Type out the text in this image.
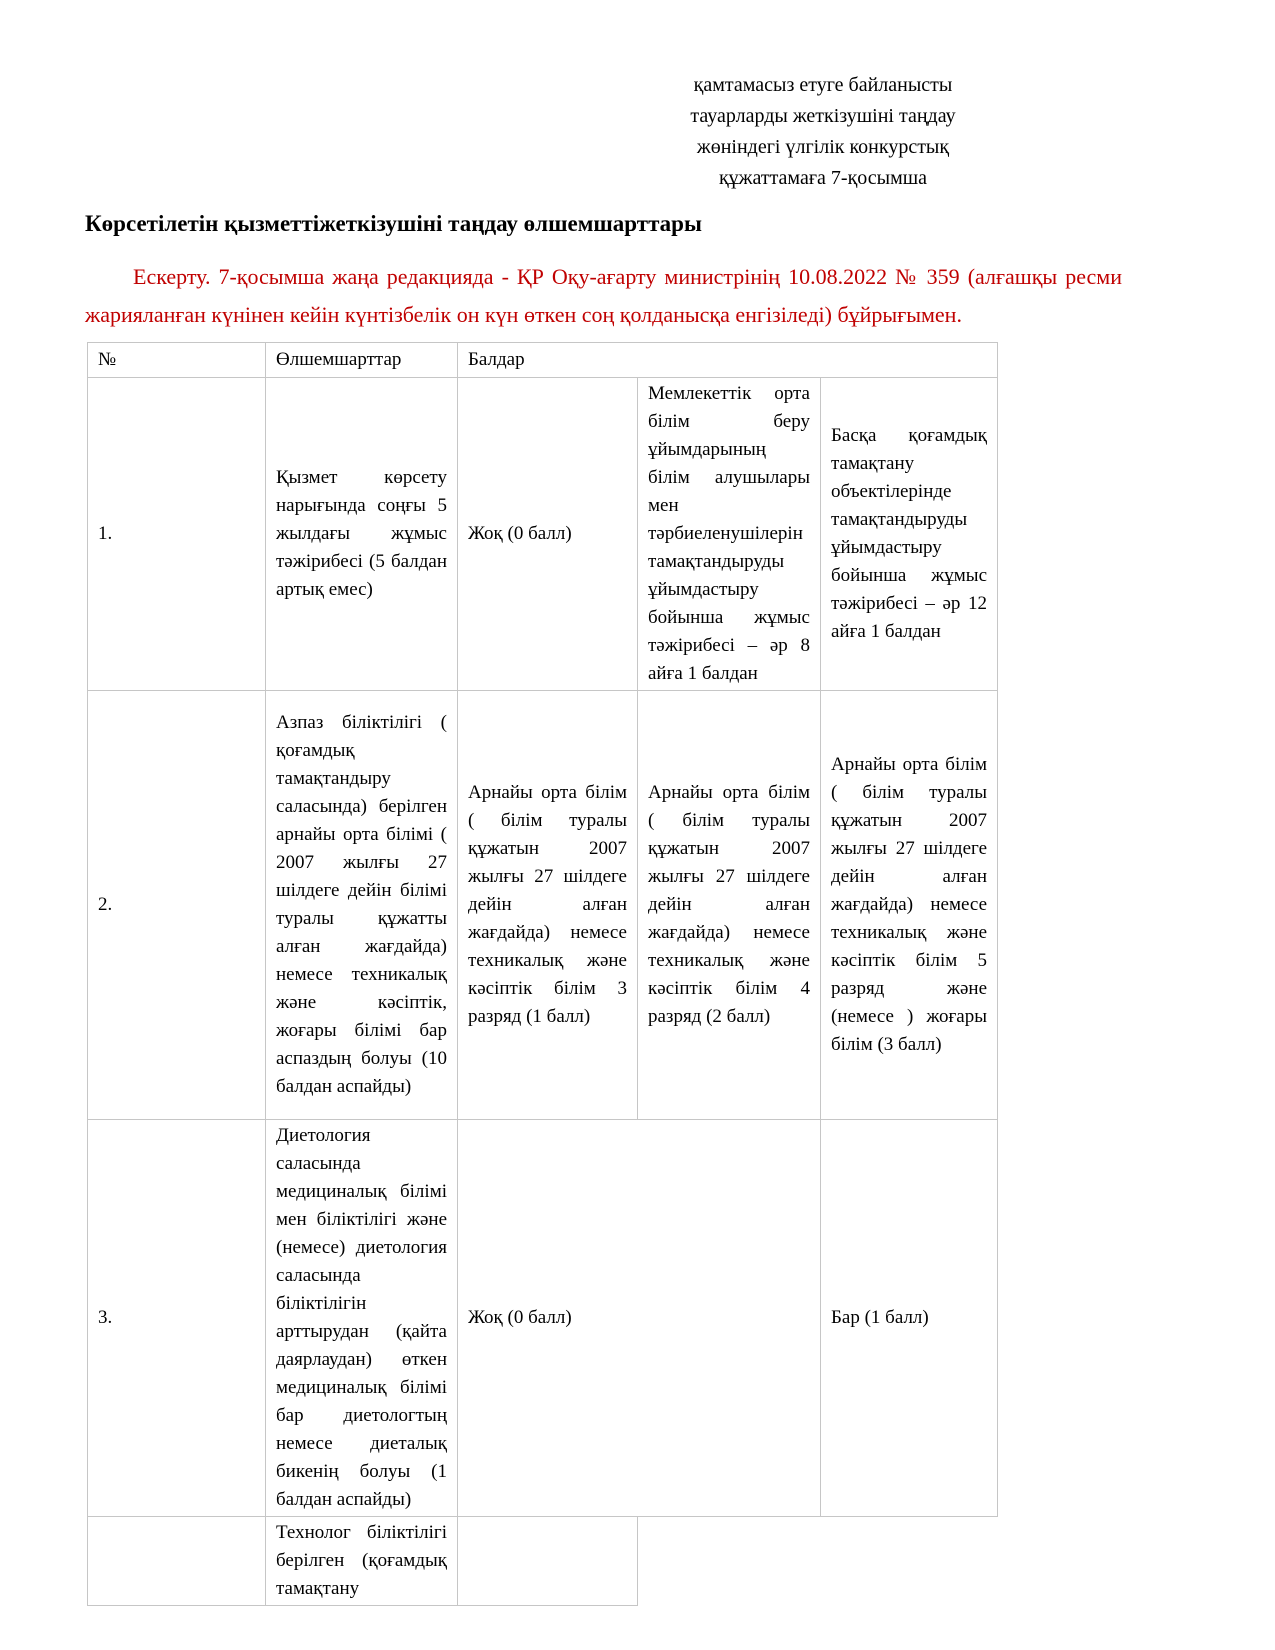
қамтамасыз етуге байланысты
тауарларды жеткізушіні таңдау
жөніндегі үлгілік конкурстық
құжаттамаға 7-қосымша
Көрсетілетін қызметтіжеткізушіні таңдау өлшемшарттары
Ескерту. 7-қосымша жаңа редакцияда - ҚР Оқу-ағарту министрінің 10.08.2022 № 359 (алғашқы ресми жарияланған күнінен кейін күнтізбелік он күн өткен соң қолданысқа енгізіледі) бұйрығымен.
№	Өлшемшарттар	Балдар		
1.	Қызмет көрсету нарығында соңғы 5 жылдағы жұмыс тәжірибесі (5 балдан артық емес)	Жоқ (0 балл)	Мемлекеттік орта білім беру ұйымдарының білім алушылары мен тәрбиеленушілерін тамақтандыруды ұйымдастыру бойынша жұмыс тәжірибесі – әр 8 айға 1 балдан	Басқа қоғамдық тамақтану объектілерінде тамақтандыруды ұйымдастыру бойынша жұмыс тәжірибесі – әр 12 айға 1 балдан
2.	Азпаз біліктілігі ( қоғамдық тамақтандыру саласында) берілген арнайы орта білімі ( 2007 жылғы 27 шілдеге дейін білімі туралы құжатты алған жағдайда) немесе техникалық және кәсіптік, жоғары білімі бар аспаздың болуы (10 балдан аспайды)	Арнайы орта білім ( білім туралы құжатын 2007 жылғы 27 шілдеге дейін алған жағдайда) немесе техникалық және кәсіптік білім 3 разряд (1 балл)	Арнайы орта білім ( білім туралы құжатын 2007 жылғы 27 шілдеге дейін алған жағдайда) немесе техникалық және кәсіптік білім 4 разряд (2 балл)	Арнайы орта білім ( білім туралы құжатын 2007 жылғы 27 шілдеге дейін алған жағдайда) немесе техникалық және кәсіптік білім 5 разряд және (немесе ) жоғары білім (3 балл)
3.	Диетология саласында медициналық білімі мен біліктілігі және (немесе) диетология саласында біліктілігін арттырудан (қайта даярлаудан) өткен медициналық білімі бар диетологтың немесе диеталық бикенің болуы (1 балдан аспайды)	Жоқ (0 балл)		Бар (1 балл)
	Технолог біліктілігі берілген (қоғамдық тамақтану			
